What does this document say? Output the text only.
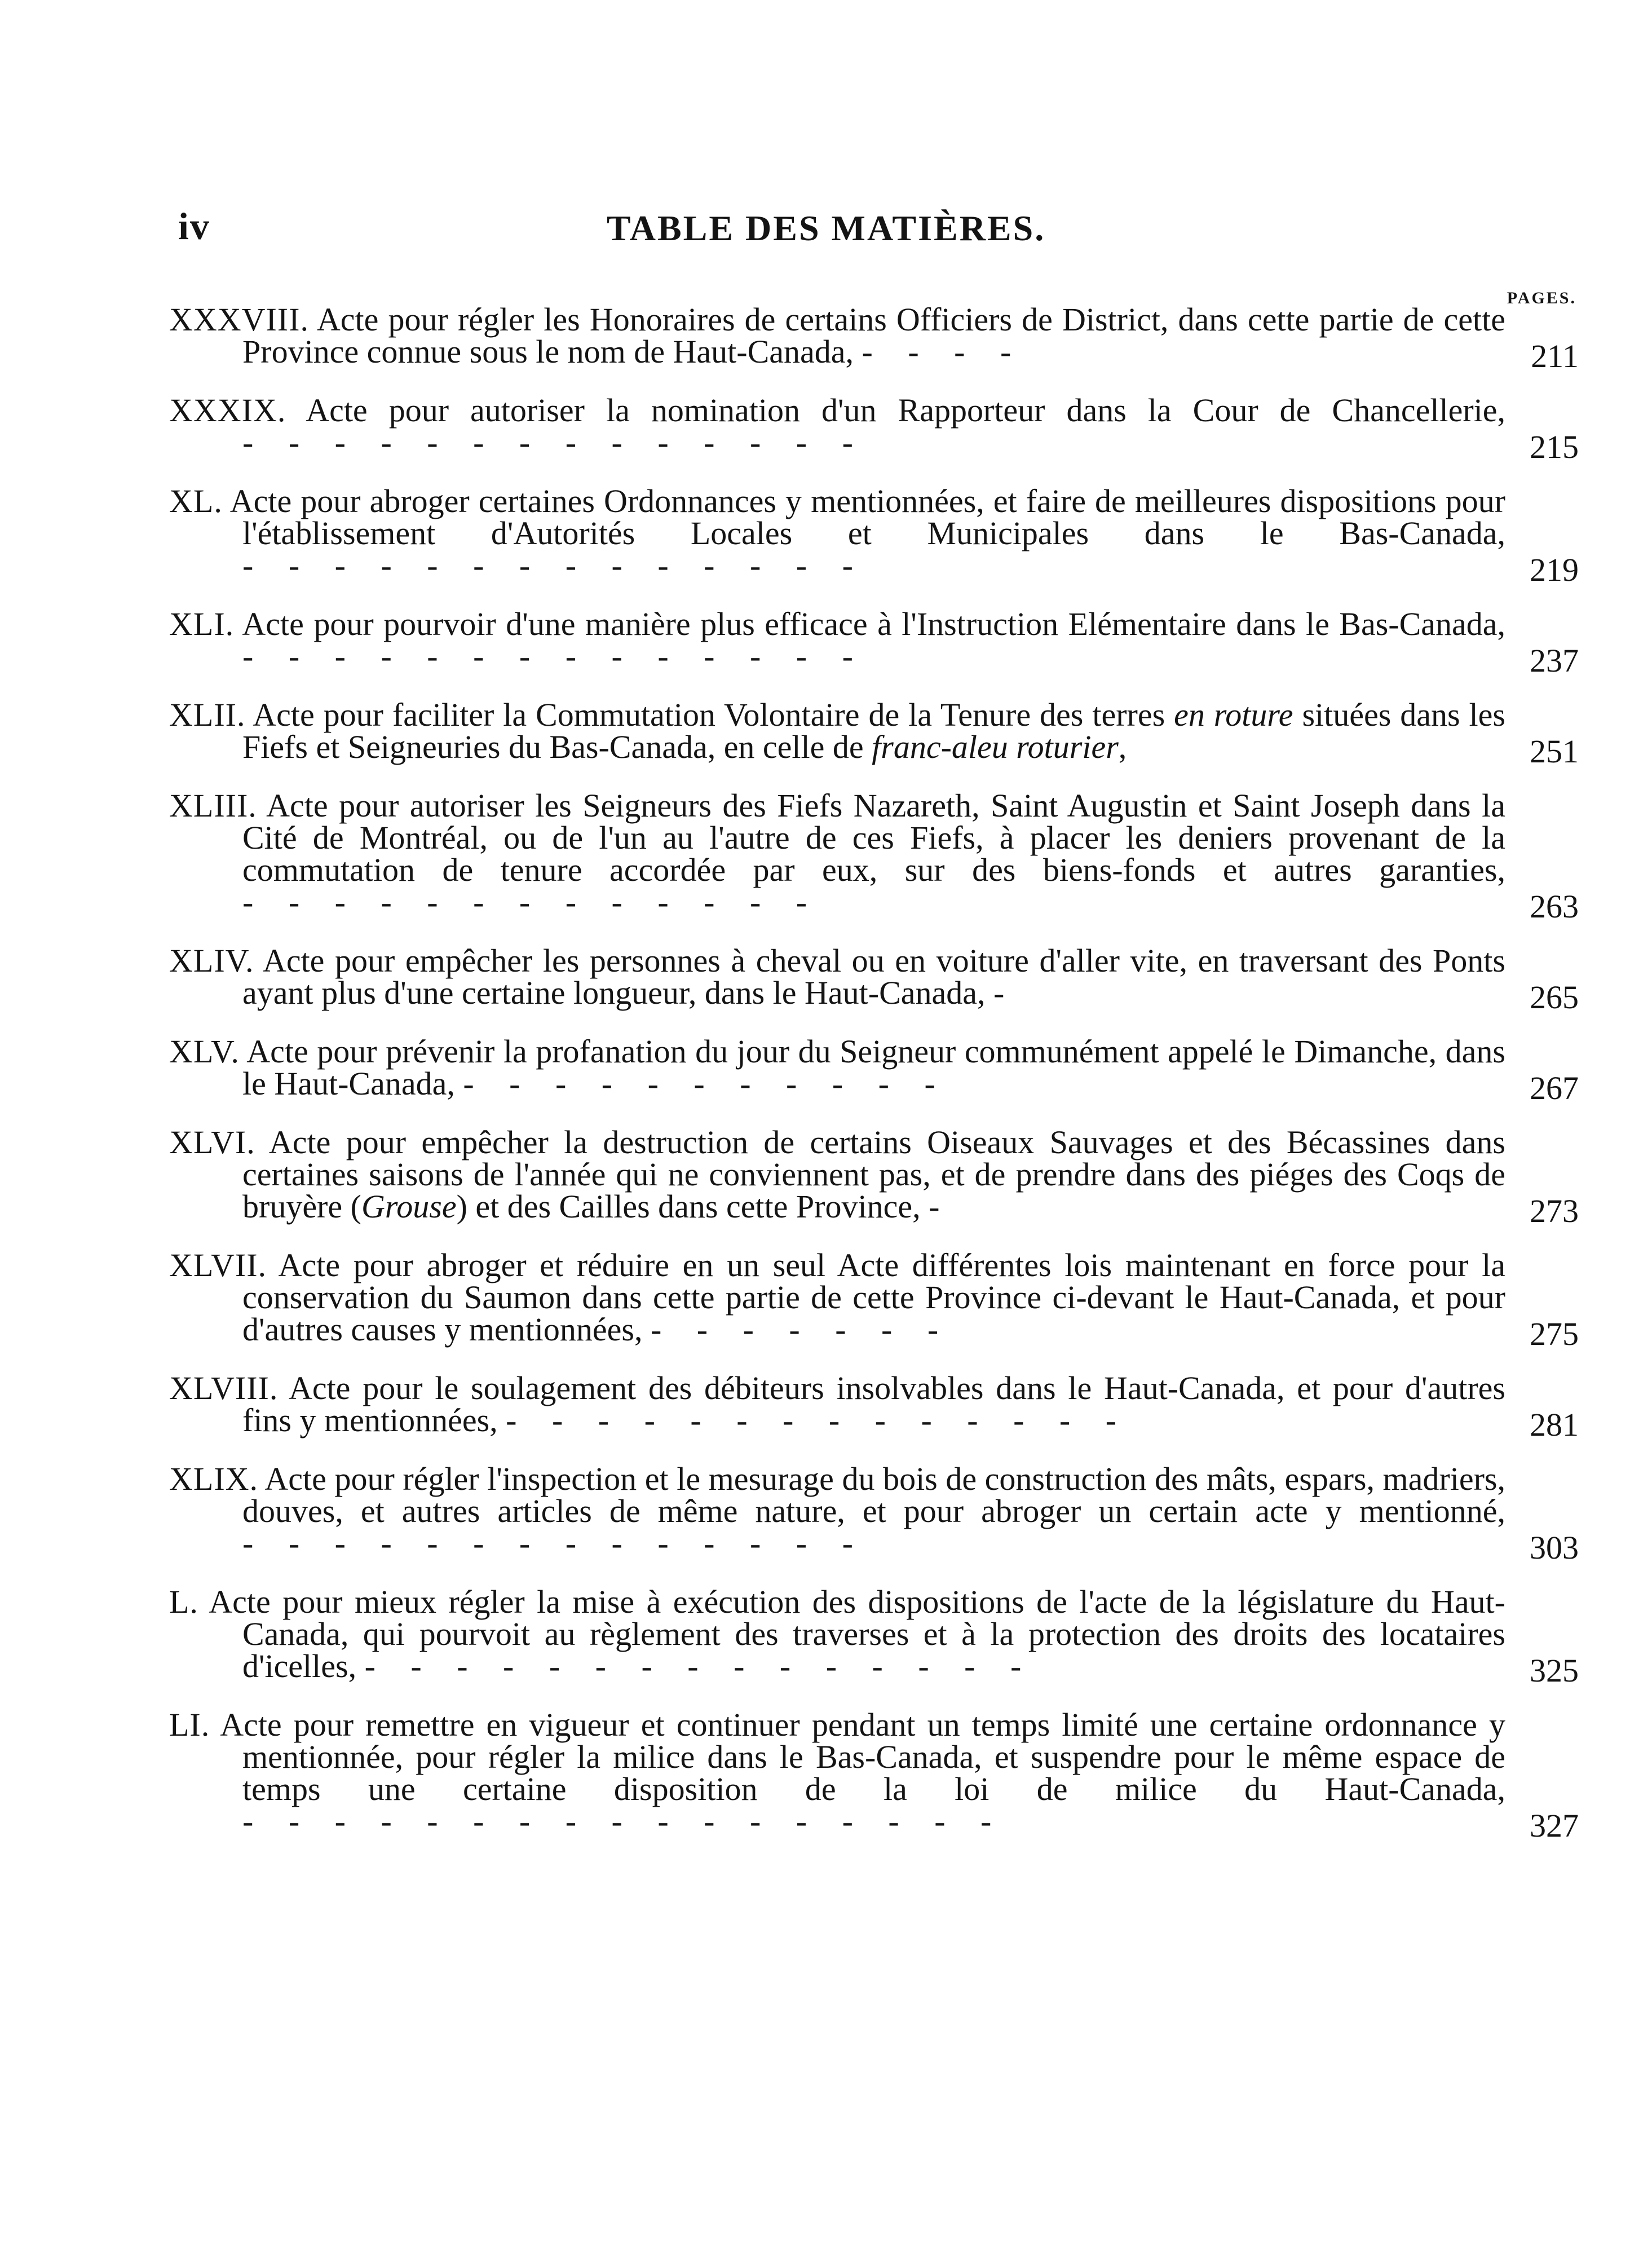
iv	TABLE DES MATIÈRES.
PAGES.
XXXVIII. Acte pour régler les Honoraires de certains Officiers de District, dans cette partie de cette Province connue sous le nom de Haut-Canada, - - - -	211
XXXIX. Acte pour autoriser la nomination d'un Rapporteur dans la Cour de Chancellerie, - - - - - - - - - - - - - -	215
XL. Acte pour abroger certaines Ordonnances y mentionnées, et faire de meilleures dispositions pour l'établissement d'Autorités Locales et Municipales dans le Bas-Canada, - - - - - - - - - - - - - -	219
XLI. Acte pour pourvoir d'une manière plus efficace à l'Instruction Elémentaire dans le Bas-Canada, - - - - - - - - - - - - - -	237
XLII. Acte pour faciliter la Commutation Volontaire de la Tenure des terres en roture situées dans les Fiefs et Seigneuries du Bas-Canada, en celle de franc-aleu roturier,	251
XLIII. Acte pour autoriser les Seigneurs des Fiefs Nazareth, Saint Augustin et Saint Joseph dans la Cité de Montréal, ou de l'un au l'autre de ces Fiefs, à placer les deniers provenant de la commutation de tenure accordée par eux, sur des biens-fonds et autres garanties, - - - - - - - - - - - - -	263
XLIV. Acte pour empêcher les personnes à cheval ou en voiture d'aller vite, en traversant des Ponts ayant plus d'une certaine longueur, dans le Haut-Canada, -	265
XLV. Acte pour prévenir la profanation du jour du Seigneur communément appelé le Dimanche, dans le Haut-Canada, - - - - - - - - - - -	267
XLVI. Acte pour empêcher la destruction de certains Oiseaux Sauvages et des Bécassines dans certaines saisons de l'année qui ne conviennent pas, et de prendre dans des piéges des Coqs de bruyère (Grouse) et des Cailles dans cette Province, -	273
XLVII. Acte pour abroger et réduire en un seul Acte différentes lois maintenant en force pour la conservation du Saumon dans cette partie de cette Province ci-devant le Haut-Canada, et pour d'autres causes y mentionnées, - - - - - - -	275
XLVIII. Acte pour le soulagement des débiteurs insolvables dans le Haut-Canada, et pour d'autres fins y mentionnées, - - - - - - - - - - - - - -	281
XLIX. Acte pour régler l'inspection et le mesurage du bois de construction des mâts, espars, madriers, douves, et autres articles de même nature, et pour abroger un certain acte y mentionné, - - - - - - - - - - - - - -	303
L. Acte pour mieux régler la mise à exécution des dispositions de l'acte de la législature du Haut-Canada, qui pourvoit au règlement des traverses et à la protection des droits des locataires d'icelles, - - - - - - - - - - - - - - -	325
LI. Acte pour remettre en vigueur et continuer pendant un temps limité une certaine ordonnance y mentionnée, pour régler la milice dans le Bas-Canada, et suspendre pour le même espace de temps une certaine disposition de la loi de milice du Haut-Canada, - - - - - - - - - - - - - - - - -	327
